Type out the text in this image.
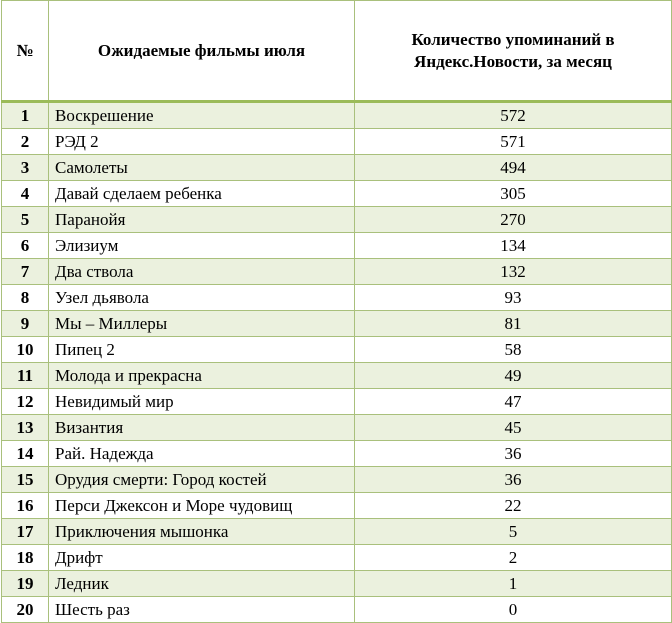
№	Ожидаемые фильмы июля	Количество упоминаний в Яндекс.Новости, за месяц
1	Воскрешение	572
2	РЭД 2	571
3	Самолеты	494
4	Давай сделаем ребенка	305
5	Паранойя	270
6	Элизиум	134
7	Два ствола	132
8	Узел дьявола	93
9	Мы – Миллеры	81
10	Пипец 2	58
11	Молода и прекрасна	49
12	Невидимый мир	47
13	Византия	45
14	Рай. Надежда	36
15	Орудия смерти: Город костей	36
16	Перси Джексон и Море чудовищ	22
17	Приключения мышонка	5
18	Дрифт	2
19	Ледник	1
20	Шесть раз	0
